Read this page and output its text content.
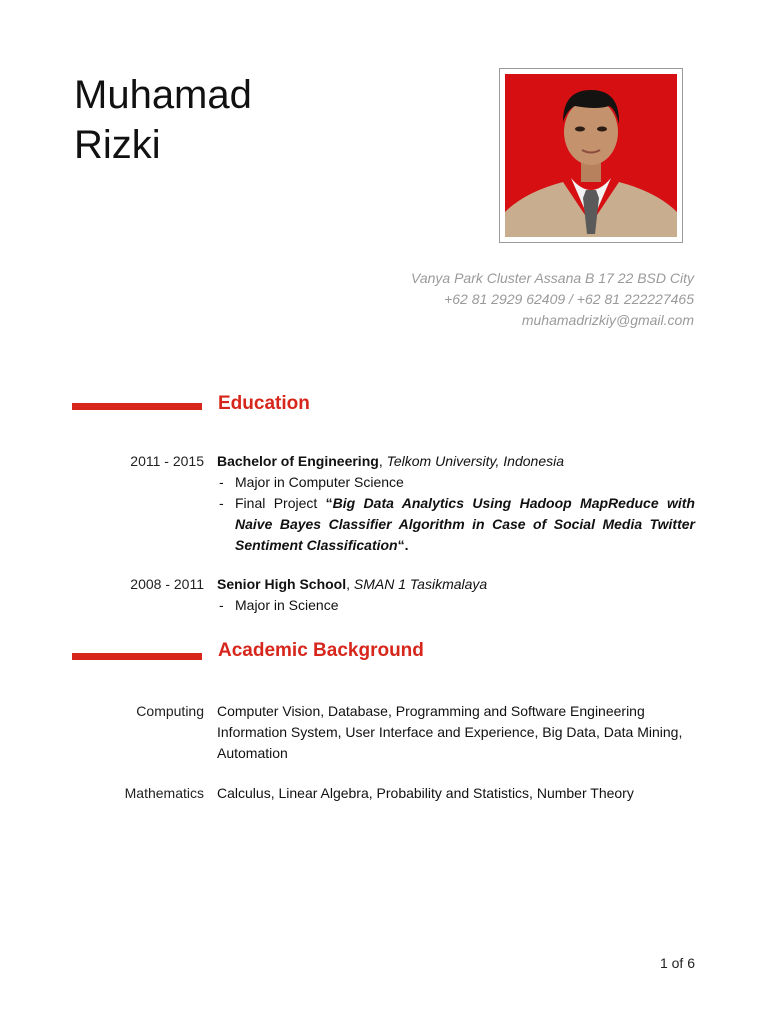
Muhamad
Rizki
Vanya Park Cluster Assana B 17 22 BSD City
+62 81 2929 62409 / +62 81 222227465
muhamadrizkiy@gmail.com
Education
2011 - 2015 Bachelor of Engineering, Telkom University, Indonesia
- Major in Computer Science
- Final Project “Big Data Analytics Using Hadoop MapReduce with Naive Bayes Classifier Algorithm in Case of Social Media Twitter Sentiment Classification“.
2008 - 2011 Senior High School, SMAN 1 Tasikmalaya
- Major in Science
Academic Background
Computing Computer Vision, Database, Programming and Software Engineering Information System, User Interface and Experience, Big Data, Data Mining, Automation
Mathematics Calculus, Linear Algebra, Probability and Statistics, Number Theory
1 of 6
